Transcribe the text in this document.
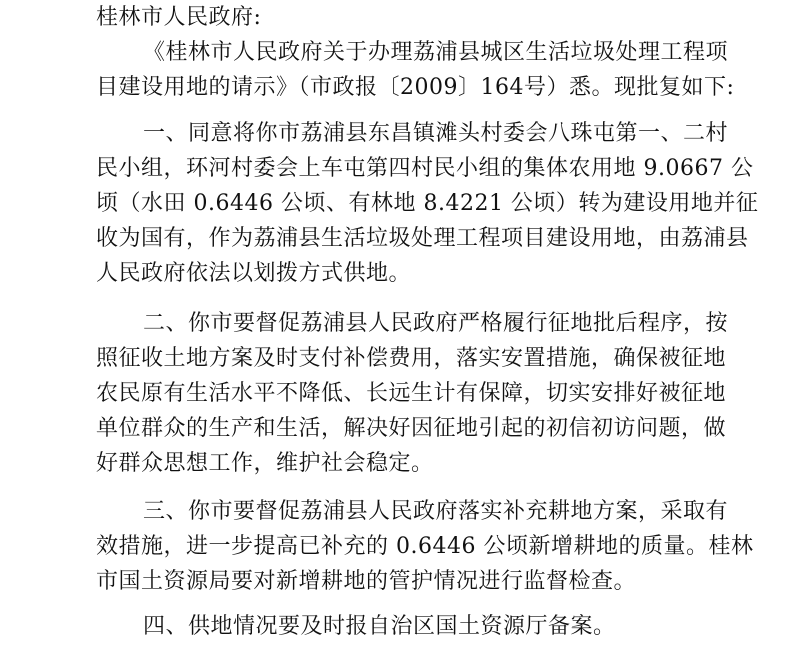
桂林市人民政府:
《桂林市人民政府关于办理荔浦县城区生活垃圾处理工程项
目建设用地的请示》（市政报〔2009〕164号）悉。现批复如下:
一、同意将你市荔浦县东昌镇滩头村委会八珠屯第一、二村
民小组，环河村委会上车屯第四村民小组的集体农用地 9.0667 公
顷（水田 0.6446 公顷、有林地 8.4221 公顷）转为建设用地并征
收为国有，作为荔浦县生活垃圾处理工程项目建设用地，由荔浦县
人民政府依法以划拨方式供地。
二、你市要督促荔浦县人民政府严格履行征地批后程序，按
照征收土地方案及时支付补偿费用，落实安置措施，确保被征地
农民原有生活水平不降低、长远生计有保障，切实安排好被征地
单位群众的生产和生活，解决好因征地引起的初信初访问题，做
好群众思想工作，维护社会稳定。
三、你市要督促荔浦县人民政府落实补充耕地方案，采取有
效措施，进一步提高已补充的 0.6446 公顷新增耕地的质量。桂林
市国土资源局要对新增耕地的管护情况进行监督检查。
四、供地情况要及时报自治区国土资源厅备案。
